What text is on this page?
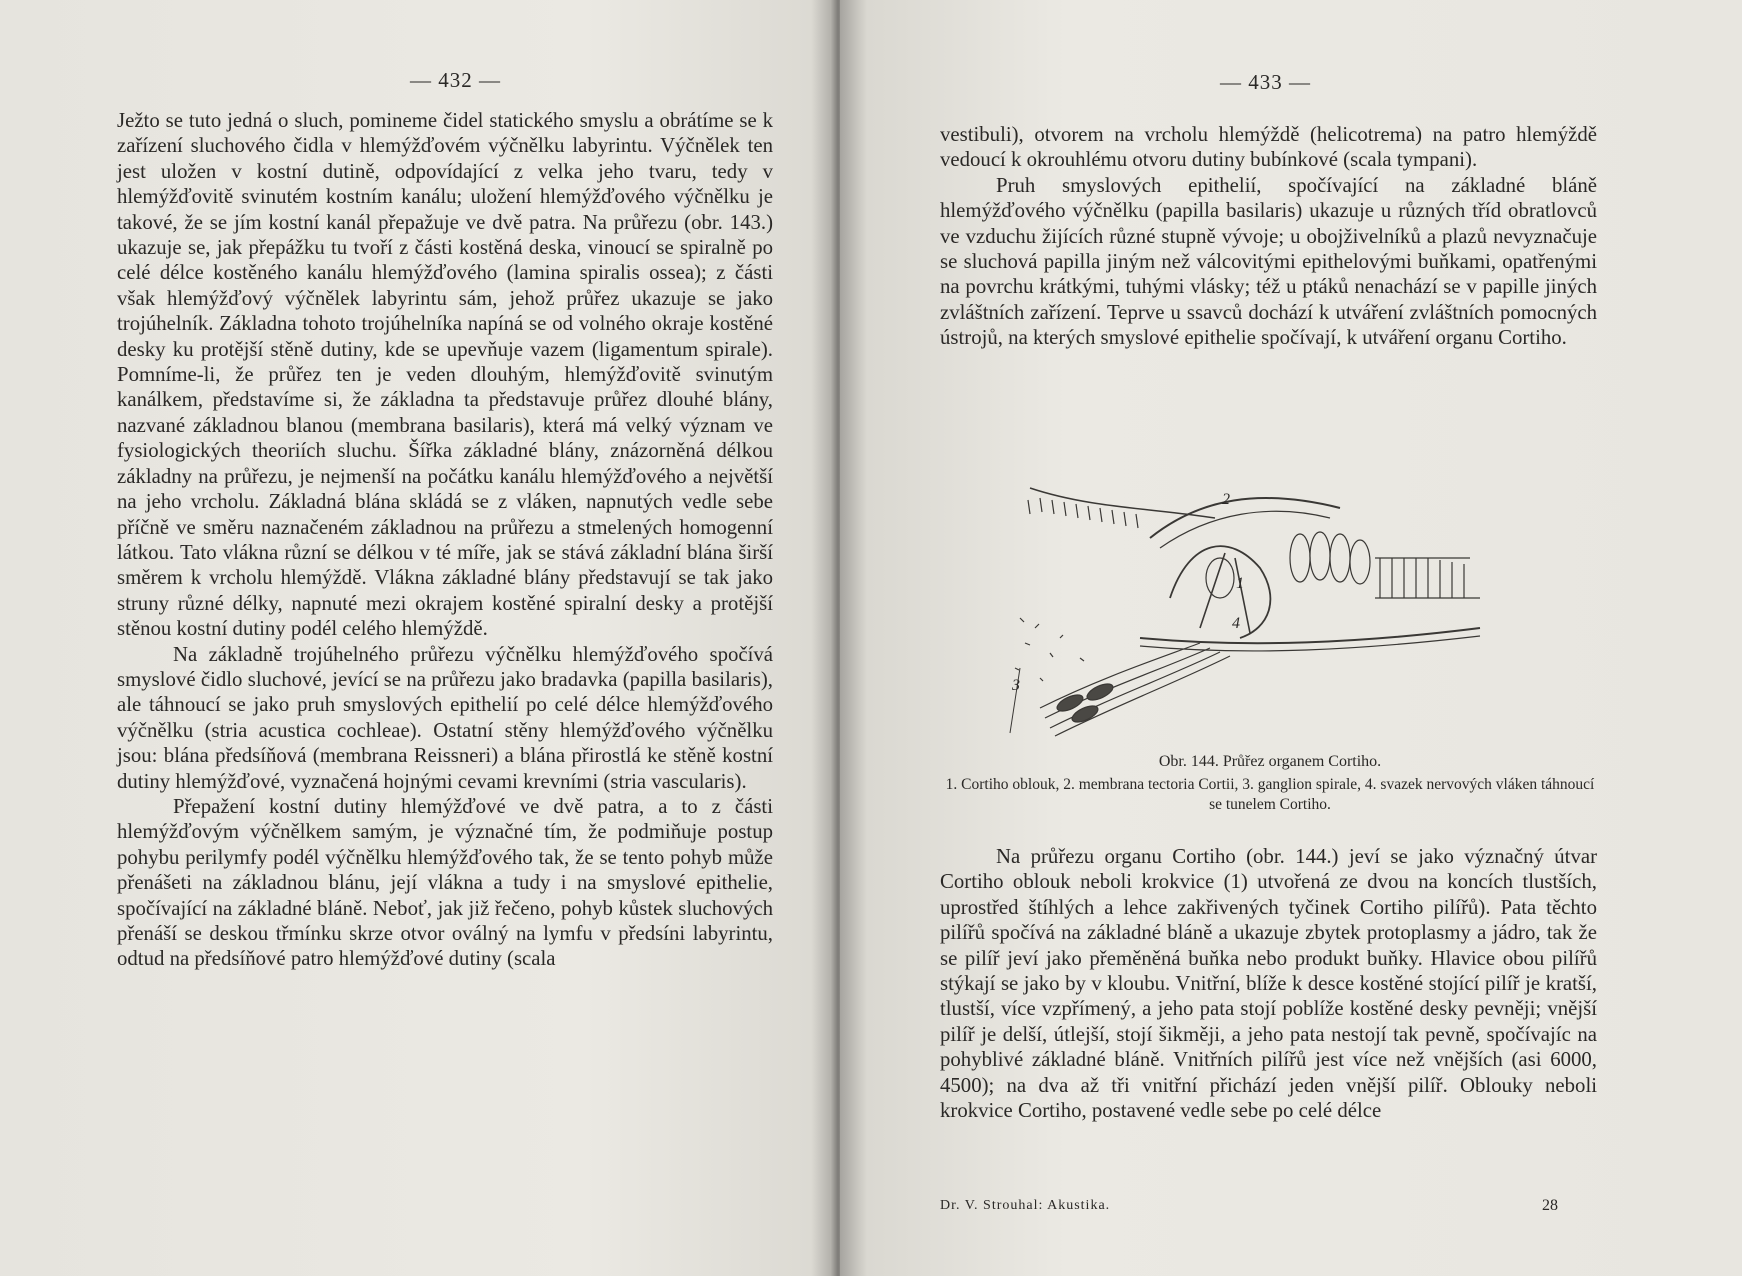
— 432 —

Ježto se tuto jedná o sluch, pomineme čidel statického smyslu a obrátíme se k zařízení sluchového čidla v hlemýžďovém výčnělku labyrintu. Výčnělek ten jest uložen v kostní dutině, odpovídající z velka jeho tvaru, tedy v hlemýžďovitě svinutém kostním kanálu; uložení hlemýžďového výčnělku je takové, že se jím kostní kanál přepažuje ve dvě patra. Na průřezu (obr. 143.) ukazuje se, jak přepážku tu tvoří z části kostěná deska, vinoucí se spiralně po celé délce kostěného kanálu hlemýžďového (lamina spiralis ossea); z části však hlemýžďový výčnělek labyrintu sám, jehož průřez ukazuje se jako trojúhelník. Základna tohoto trojúhelníka napíná se od volného okraje kostěné desky ku protější stěně dutiny, kde se upevňuje vazem (ligamentum spirale). Pomníme-li, že průřez ten je veden dlouhým, hlemýžďovitě svinutým kanálkem, představíme si, že základna ta představuje průřez dlouhé blány, nazvané základnou blanou (membrana basilaris), která má velký význam ve fysiologických theoriích sluchu. Šířka základné blány, znázorněná délkou základny na průřezu, je nejmenší na počátku kanálu hlemýžďového a největší na jeho vrcholu. Základná blána skládá se z vláken, napnutých vedle sebe příčně ve směru naznačeném základnou na průřezu a stmelených homogenní látkou. Tato vlákna různí se délkou v té míře, jak se stává základní blána širší směrem k vrcholu hlemýždě. Vlákna základné blány představují se tak jako struny různé délky, napnuté mezi okrajem kostěné spiralní desky a protější stěnou kostní dutiny podél celého hlemýždě.

Na základně trojúhelného průřezu výčnělku hlemýžďového spočívá smyslové čidlo sluchové, jevící se na průřezu jako bradavka (papilla basilaris), ale táhnoucí se jako pruh smyslových epithelií po celé délce hlemýžďového výčnělku (stria acustica cochleae). Ostatní stěny hlemýžďového výčnělku jsou: blána předsíňová (membrana Reissneri) a blána přirostlá ke stěně kostní dutiny hlemýžďové, vyznačená hojnými cevami krevními (stria vascularis).

Přepažení kostní dutiny hlemýžďové ve dvě patra, a to z části hlemýžďovým výčnělkem samým, je význačné tím, že podmiňuje postup pohybu perilymfy podél výčnělku hlemýžďového tak, že se tento pohyb může přenášeti na základnou blánu, její vlákna a tudy i na smyslové epithelie, spočívající na základné bláně. Neboť, jak již řečeno, pohyb kůstek sluchových přenáší se deskou třmínku skrze otvor oválný na lymfu v předsíni labyrintu, odtud na předsíňové patro hlemýžďové dutiny (scala

— 433 —

vestibuli), otvorem na vrcholu hlemýždě (helicotrema) na patro hlemýždě vedoucí k okrouhlému otvoru dutiny bubínkové (scala tympani).

Pruh smyslových epithelií, spočívající na základné bláně hlemýžďového výčnělku (papilla basilaris) ukazuje u různých tříd obratlovců ve vzduchu žijících různé stupně vývoje; u obojživelníků a plazů nevyznačuje se sluchová papilla jiným než válcovitými epithelovými buňkami, opatřenými na povrchu krátkými, tuhými vlásky; též u ptáků nenachází se v papille jiných zvláštních zařízení. Teprve u ssavců dochází k utváření zvláštních pomocných ústrojů, na kterých smyslové epithelie spočívají, k utváření organu Cortiho.

1
2
3
4
Obr. 144. Průřez organem Cortiho.
1. Cortiho oblouk, 2. membrana tectoria Cortii, 3. ganglion spirale, 4. svazek nervových vláken táhnoucí se tunelem Cortiho.

Na průřezu organu Cortiho (obr. 144.) jeví se jako význačný útvar Cortiho oblouk neboli krokvice (1) utvořená ze dvou na koncích tlustších, uprostřed štíhlých a lehce zakřivených tyčinek Cortiho pilířů). Pata těchto pilířů spočívá na základné bláně a ukazuje zbytek protoplasmy a jádro, tak že se pilíř jeví jako přeměněná buňka nebo produkt buňky. Hlavice obou pilířů stýkají se jako by v kloubu. Vnitřní, blíže k desce kostěné stojící pilíř je kratší, tlustší, více vzpřímený, a jeho pata stojí poblíže kostěné desky pevněji; vnější pilíř je delší, útlejší, stojí šikměji, a jeho pata nestojí tak pevně, spočívajíc na pohyblivé základné bláně. Vnitřních pilířů jest více než vnějších (asi 6000, 4500); na dva až tři vnitřní přichází jeden vnější pilíř. Oblouky neboli krokvice Cortiho, postavené vedle sebe po celé délce

Dr. V. Strouhal: Akustika.	28
